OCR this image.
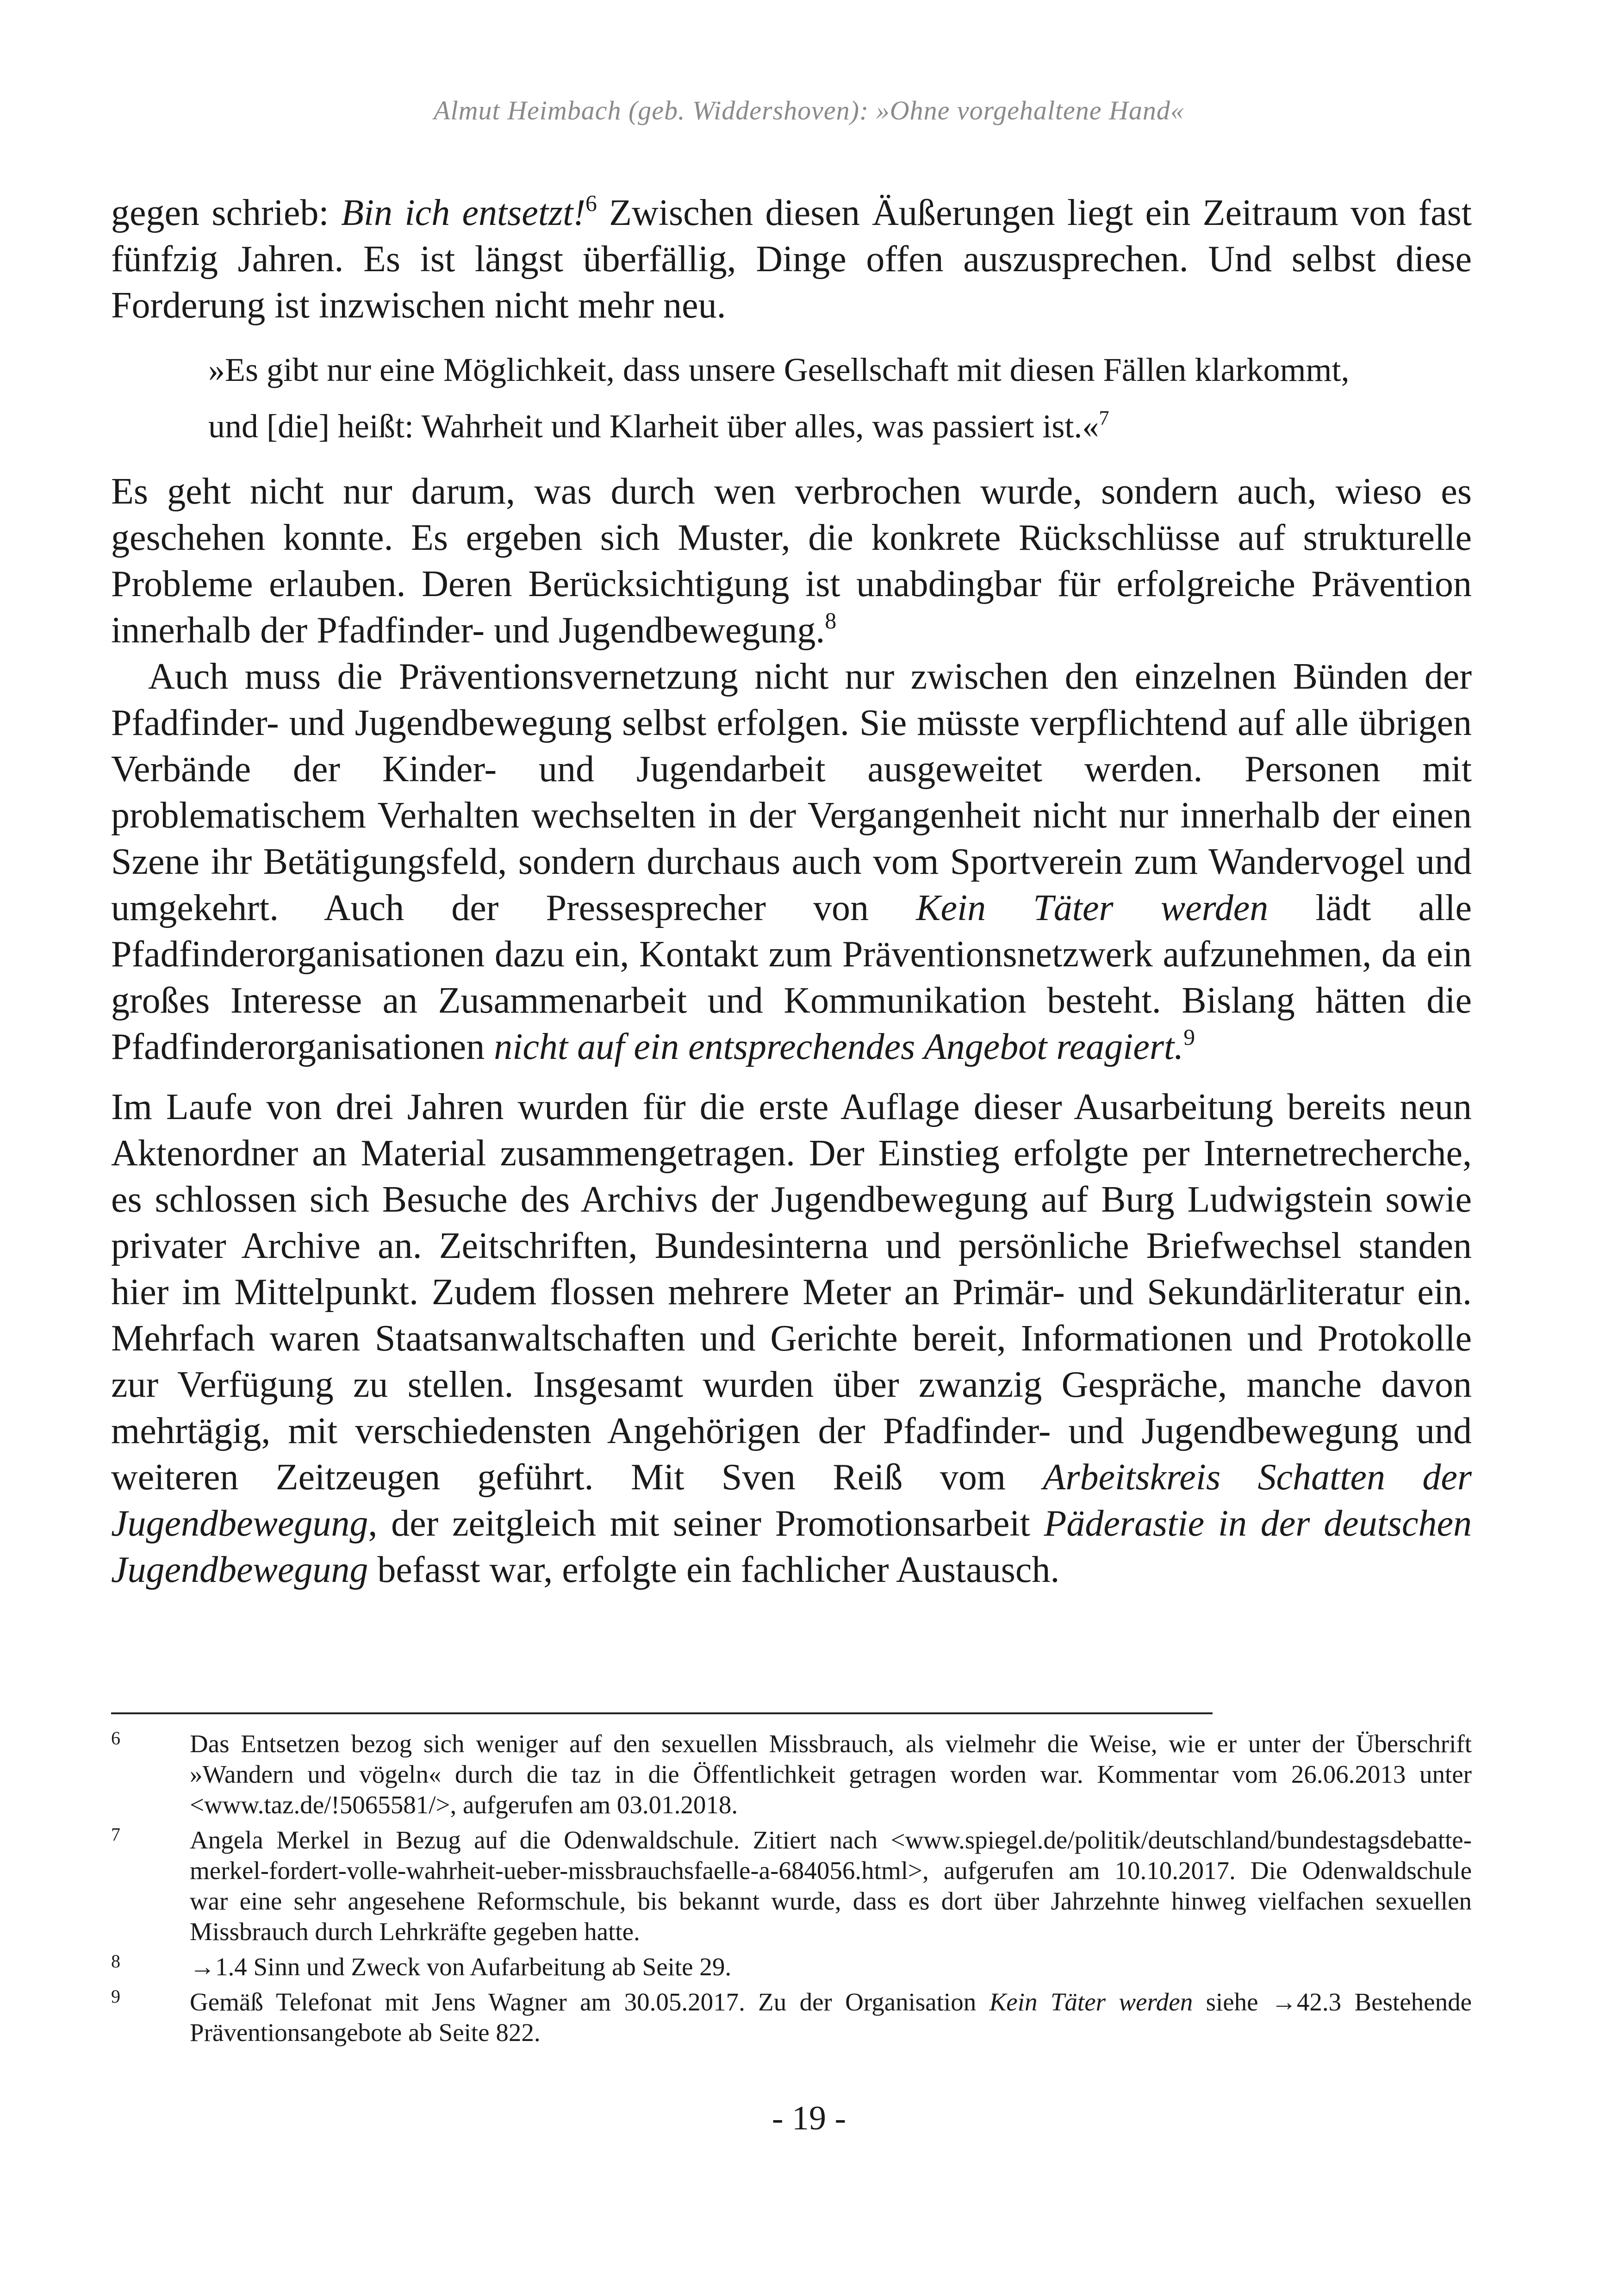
Almut Heimbach (geb. Widdershoven): »Ohne vorgehaltene Hand«

gegen schrieb: Bin ich entsetzt!$^6$ Zwischen diesen Äußerungen liegt ein Zeitraum von fast fünfzig Jahren. Es ist längst überfällig, Dinge offen auszusprechen. Und selbst diese Forderung ist inzwischen nicht mehr neu.

»Es gibt nur eine Möglichkeit, dass unsere Gesellschaft mit diesen Fällen klarkommt, und [die] heißt: Wahrheit und Klarheit über alles, was passiert ist.«$^7$

Es geht nicht nur darum, was durch wen verbrochen wurde, sondern auch, wieso es geschehen konnte. Es ergeben sich Muster, die konkrete Rückschlüsse auf strukturelle Probleme erlauben. Deren Berücksichtigung ist unabdingbar für erfolgreiche Prävention innerhalb der Pfadfinder- und Jugendbewegung.$^8$

Auch muss die Präventionsvernetzung nicht nur zwischen den einzelnen Bünden der Pfadfinder- und Jugendbewegung selbst erfolgen. Sie müsste verpflichtend auf alle übrigen Verbände der Kinder- und Jugendarbeit ausgeweitet werden. Personen mit problematischem Verhalten wechselten in der Vergangenheit nicht nur innerhalb der einen Szene ihr Betätigungsfeld, sondern durchaus auch vom Sportverein zum Wandervogel und umgekehrt. Auch der Pressesprecher von Kein Täter werden lädt alle Pfadfinderorganisationen dazu ein, Kontakt zum Präventionsnetzwerk aufzunehmen, da ein großes Interesse an Zusammenarbeit und Kommunikation besteht. Bislang hätten die Pfadfinderorganisationen nicht auf ein entsprechendes Angebot reagiert.$^9$

Im Laufe von drei Jahren wurden für die erste Auflage dieser Ausarbeitung bereits neun Aktenordner an Material zusammengetragen. Der Einstieg erfolgte per Internetrecherche, es schlossen sich Besuche des Archivs der Jugendbewegung auf Burg Ludwigstein sowie privater Archive an. Zeitschriften, Bundesinterna und persönliche Briefwechsel standen hier im Mittelpunkt. Zudem flossen mehrere Meter an Primär- und Sekundärliteratur ein. Mehrfach waren Staatsanwaltschaften und Gerichte bereit, Informationen und Protokolle zur Verfügung zu stellen. Insgesamt wurden über zwanzig Gespräche, manche davon mehrtägig, mit verschiedensten Angehörigen der Pfadfinder- und Jugendbewegung und weiteren Zeitzeugen geführt. Mit Sven Reiß vom Arbeitskreis Schatten der Jugendbewegung, der zeitgleich mit seiner Promotionsarbeit Päderastie in der deutschen Jugendbewegung befasst war, erfolgte ein fachlicher Austausch.

6	Das Entsetzen bezog sich weniger auf den sexuellen Missbrauch, als vielmehr die Weise, wie er unter der Überschrift »Wandern und vögeln« durch die taz in die Öffentlichkeit getragen worden war. Kommentar vom 26.06.2013 unter <www.taz.de/!5065581/>, aufgerufen am 03.01.2018.
7	Angela Merkel in Bezug auf die Odenwaldschule. Zitiert nach <www.spiegel.de/politik/deutschland/bundestagsdebatte-merkel-fordert-volle-wahrheit-ueber-missbrauchsfaelle-a-684056.html>, aufgerufen am 10.10.2017. Die Odenwaldschule war eine sehr angesehene Reformschule, bis bekannt wurde, dass es dort über Jahrzehnte hinweg vielfachen sexuellen Missbrauch durch Lehrkräfte gegeben hatte.
8	→1.4 Sinn und Zweck von Aufarbeitung ab Seite 29.
9	Gemäß Telefonat mit Jens Wagner am 30.05.2017. Zu der Organisation Kein Täter werden siehe →42.3 Bestehende Präventionsangebote ab Seite 822.
- 19 -
